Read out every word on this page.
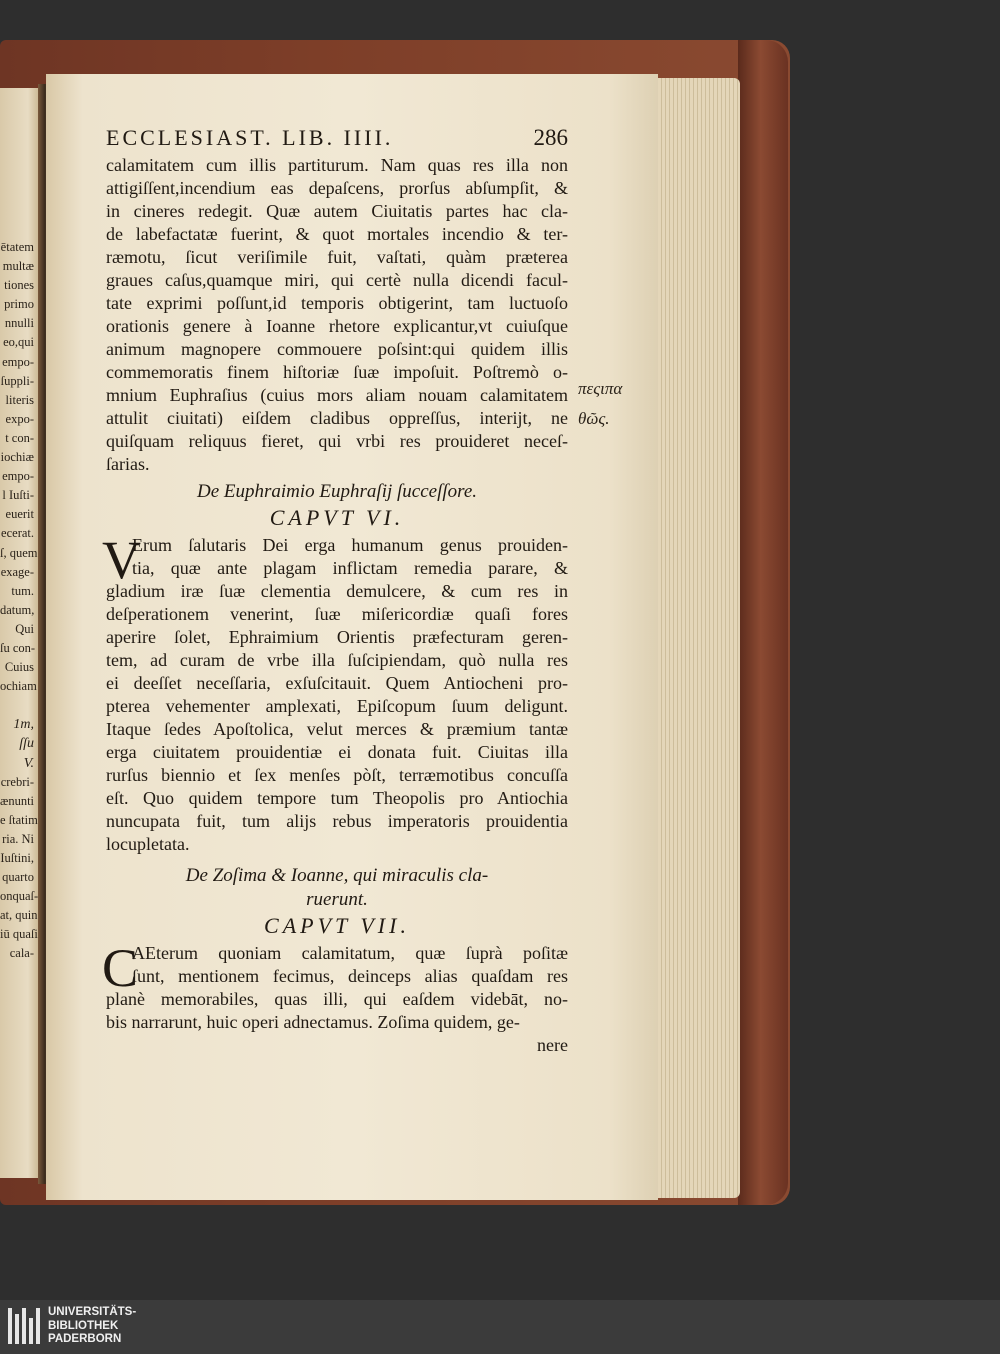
ētatem
multæ
tiones
primo
nnulli
eo,qui
empo-
ſuppli-
literis
expo-
t con-
iochiæ
empo-
l Iuſti-
euerit
ecerat.
ſ, quem
exage-
tum.
datum,
Qui
ſu con-
Cuius
ochiam

1m,
ſſu
V.
crebri-
ænunti
e ſtatim
ria. Ni
Iuſtini,
quarto
onquaſ-
at, quin
iū quaſi
cala-
ECCLESIAST. LIB. IIII.	286
calamitatem cum illis partiturum. Nam quas res illa non
attigiſſent,incendium eas depaſcens, prorſus abſumpſit, &
in cineres redegit. Quæ autem Ciuitatis partes hac cla-
de labefactatæ fuerint, & quot mortales incendio & ter-
ræmotu, ſicut veriſimile fuit, vaſtati, quàm præterea
graues caſus,quamque miri, qui certè nulla dicendi facul-
tate exprimi poſſunt,id temporis obtigerint, tam luctuoſo
orationis genere à Ioanne rhetore explicantur,vt cuiuſque
animum magnopere commouere poſsint:qui quidem illis
commemoratis finem hiſtoriæ ſuæ impoſuit. Poſtremò o-
mnium Euphraſius (cuius mors aliam nouam calamitatem
attulit ciuitati) eiſdem cladibus oppreſſus, interijt, ne
quiſquam reliquus fieret, qui vrbi res prouideret neceſ-
ſarias.
De Euphraimio Euphraſij ſucceſſore.
CAPVT VI.
V
Erum ſalutaris Dei erga humanum genus prouiden-
tia, quæ ante plagam inflictam remedia parare, &
gladium iræ ſuæ clementia demulcere, & cum res in
deſperationem venerint, ſuæ miſericordiæ quaſi fores
aperire ſolet, Ephraimium Orientis præfecturam geren-
tem, ad curam de vrbe illa ſuſcipiendam, quò nulla res
ei deeſſet neceſſaria, exſuſcitauit. Quem Antiocheni pro-
pterea vehementer amplexati, Epiſcopum ſuum deligunt.
Itaque ſedes Apoſtolica, velut merces & præmium tantæ
erga ciuitatem prouidentiæ ei donata fuit. Ciuitas illa
rurſus biennio et ſex menſes pòſt, terræmotibus concuſſa
eſt. Quo quidem tempore tum Theopolis pro Antiochia
nuncupata fuit, tum alijs rebus imperatoris prouidentia
locupletata.
De Zoſima & Ioanne, qui miraculis cla-
ruerunt.
CAPVT VII.
C
AEterum quoniam calamitatum, quæ ſuprà poſitæ
ſunt, mentionem fecimus, deinceps alias quaſdam res
planè memorabiles, quas illi, qui eaſdem videbāt, no-
bis narrarunt, huic operi adnectamus. Zoſima quidem, ge-
nere
πεςιπα
θῶς.
UNIVERSITÄTS-
BIBLIOTHEK
PADERBORN
